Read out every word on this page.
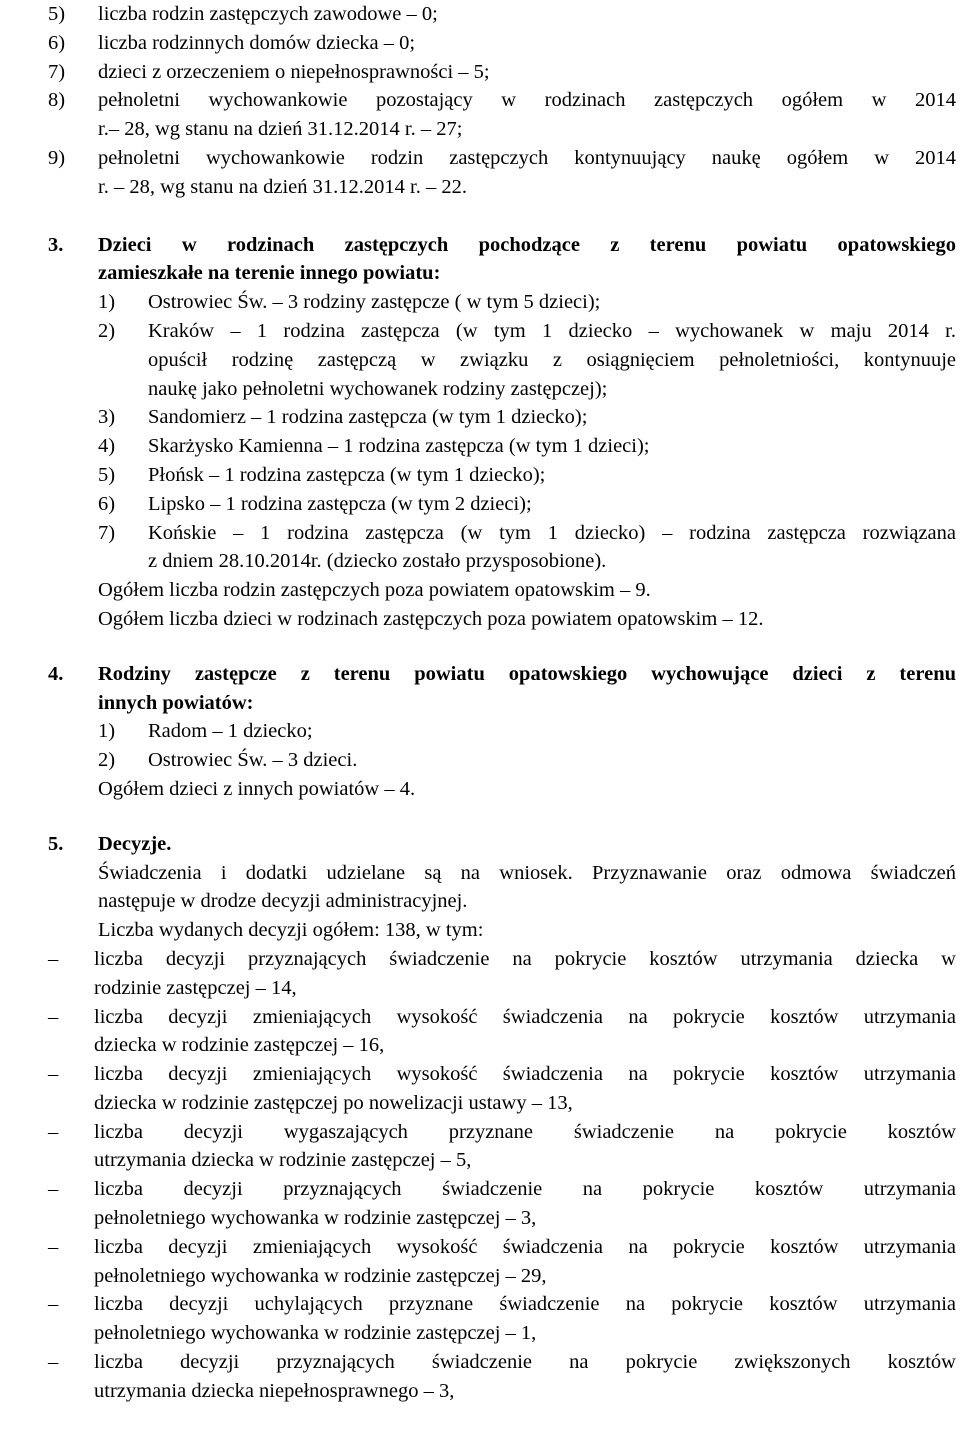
5)	liczba rodzin zastępczych zawodowe – 0;
6)	liczba rodzinnych domów dziecka – 0;
7)	dzieci z orzeczeniem o niepełnosprawności – 5;
8)	pełnoletni wychowankowie pozostający w rodzinach zastępczych ogółem w 2014
r.– 28, wg stanu na dzień 31.12.2014 r. – 27;
9)	pełnoletni wychowankowie rodzin zastępczych kontynuujący naukę ogółem w 2014
r. – 28, wg stanu na dzień 31.12.2014 r. – 22.
3.	Dzieci w rodzinach zastępczych pochodzące z terenu powiatu opatowskiego
zamieszkałe na terenie innego powiatu:
1)	Ostrowiec Św. – 3 rodziny zastępcze ( w tym 5 dzieci);
2)	Kraków – 1 rodzina zastępcza (w tym 1 dziecko – wychowanek w maju 2014 r.
opuścił rodzinę zastępczą w związku z osiągnięciem pełnoletniości, kontynuuje
naukę jako pełnoletni wychowanek rodziny zastępczej);
3)	Sandomierz – 1 rodzina zastępcza (w tym 1 dziecko);
4)	Skarżysko Kamienna – 1 rodzina zastępcza (w tym 1 dzieci);
5)	Płońsk – 1 rodzina zastępcza (w tym 1 dziecko);
6)	Lipsko – 1 rodzina zastępcza (w tym 2 dzieci);
7)	Końskie – 1 rodzina zastępcza (w tym 1 dziecko) – rodzina zastępcza rozwiązana
z dniem 28.10.2014r. (dziecko zostało przysposobione).
Ogółem liczba rodzin zastępczych poza powiatem opatowskim – 9.
Ogółem liczba dzieci w rodzinach zastępczych poza powiatem opatowskim – 12.
4.	Rodziny zastępcze z terenu powiatu opatowskiego wychowujące dzieci z terenu
innych powiatów:
1)	Radom – 1 dziecko;
2)	Ostrowiec Św. – 3 dzieci.
Ogółem dzieci z innych powiatów – 4.
5.	Decyzje.
Świadczenia i dodatki udzielane są na wniosek. Przyznawanie oraz odmowa świadczeń
następuje w drodze decyzji administracyjnej.
Liczba wydanych decyzji ogółem: 138, w tym:
–	liczba decyzji przyznających świadczenie na pokrycie kosztów utrzymania dziecka w
rodzinie zastępczej – 14,
–	liczba decyzji zmieniających wysokość świadczenia na pokrycie kosztów utrzymania
dziecka w rodzinie zastępczej – 16,
–	liczba decyzji zmieniających wysokość świadczenia na pokrycie kosztów utrzymania
dziecka w rodzinie zastępczej po nowelizacji ustawy – 13,
–	liczba decyzji wygaszających przyznane świadczenie na pokrycie kosztów
utrzymania dziecka w rodzinie zastępczej – 5,
–	liczba decyzji przyznających świadczenie na pokrycie kosztów utrzymania
pełnoletniego wychowanka w rodzinie zastępczej – 3,
–	liczba decyzji zmieniających wysokość świadczenia na pokrycie kosztów utrzymania
pełnoletniego wychowanka w rodzinie zastępczej – 29,
–	liczba decyzji uchylających przyznane świadczenie na pokrycie kosztów utrzymania
pełnoletniego wychowanka w rodzinie zastępczej – 1,
–	liczba decyzji przyznających świadczenie na pokrycie zwiększonych kosztów
utrzymania dziecka niepełnosprawnego – 3,
